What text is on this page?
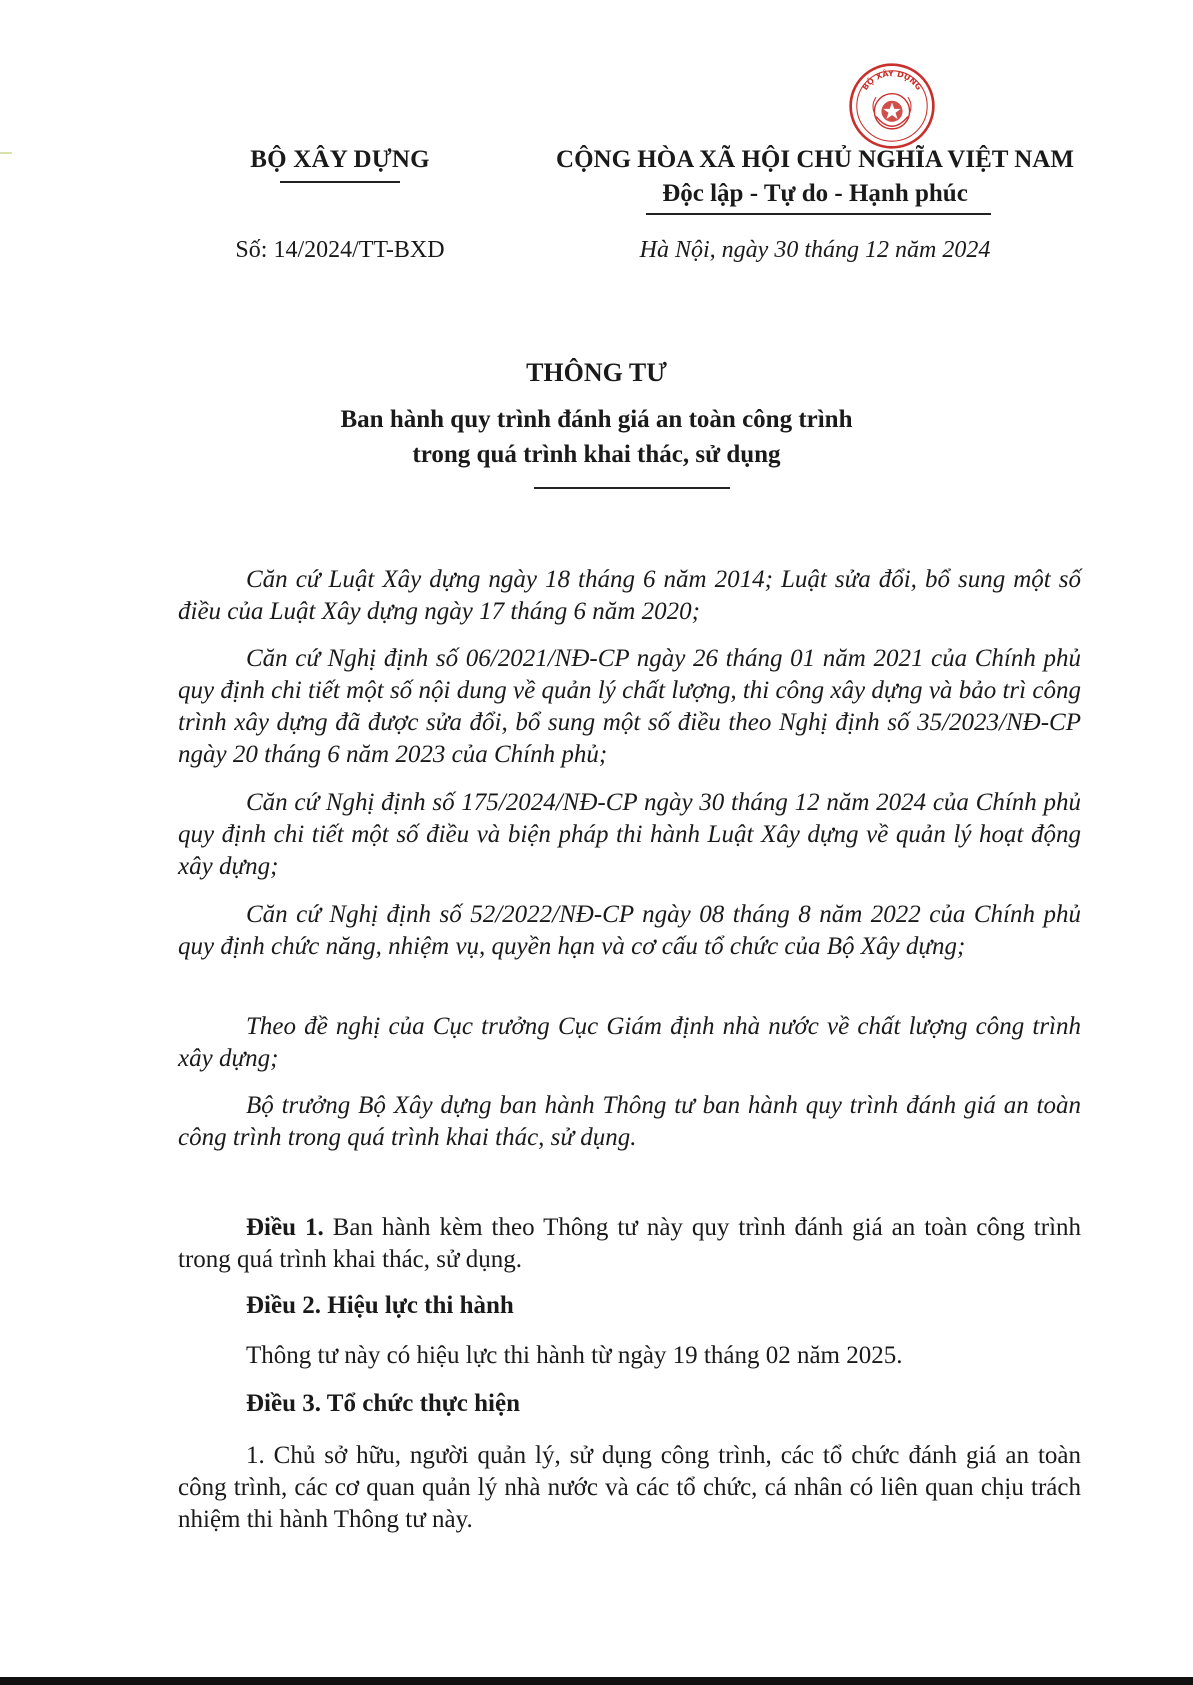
BỘ XÂY DỰNG
BỘ XÂY DỰNG	CỘNG HÒA XÃ HỘI CHỦ NGHĨA VIỆT NAM
Độc lập - Tự do - Hạnh phúc
Số: 14/2024/TT-BXD	Hà Nội, ngày 30 tháng 12 năm 2024
THÔNG TƯ
Ban hành quy trình đánh giá an toàn công trình
trong quá trình khai thác, sử dụng

Căn cứ Luật Xây dựng ngày 18 tháng 6 năm 2014; Luật sửa đổi, bổ sung một số điều của Luật Xây dựng ngày 17 tháng 6 năm 2020;

Căn cứ Nghị định số 06/2021/NĐ-CP ngày 26 tháng 01 năm 2021 của Chính phủ quy định chi tiết một số nội dung về quản lý chất lượng, thi công xây dựng và bảo trì công trình xây dựng đã được sửa đổi, bổ sung một số điều theo Nghị định số 35/2023/NĐ-CP ngày 20 tháng 6 năm 2023 của Chính phủ;

Căn cứ Nghị định số 175/2024/NĐ-CP ngày 30 tháng 12 năm 2024 của Chính phủ quy định chi tiết một số điều và biện pháp thi hành Luật Xây dựng về quản lý hoạt động xây dựng;

Căn cứ Nghị định số 52/2022/NĐ-CP ngày 08 tháng 8 năm 2022 của Chính phủ quy định chức năng, nhiệm vụ, quyền hạn và cơ cấu tổ chức của Bộ Xây dựng;

Theo đề nghị của Cục trưởng Cục Giám định nhà nước về chất lượng công trình xây dựng;

Bộ trưởng Bộ Xây dựng ban hành Thông tư ban hành quy trình đánh giá an toàn công trình trong quá trình khai thác, sử dụng.

Điều 1. Ban hành kèm theo Thông tư này quy trình đánh giá an toàn công trình trong quá trình khai thác, sử dụng.

Điều 2. Hiệu lực thi hành

Thông tư này có hiệu lực thi hành từ ngày 19 tháng 02 năm 2025.

Điều 3. Tổ chức thực hiện

1. Chủ sở hữu, người quản lý, sử dụng công trình, các tổ chức đánh giá an toàn công trình, các cơ quan quản lý nhà nước và các tổ chức, cá nhân có liên quan chịu trách nhiệm thi hành Thông tư này.
